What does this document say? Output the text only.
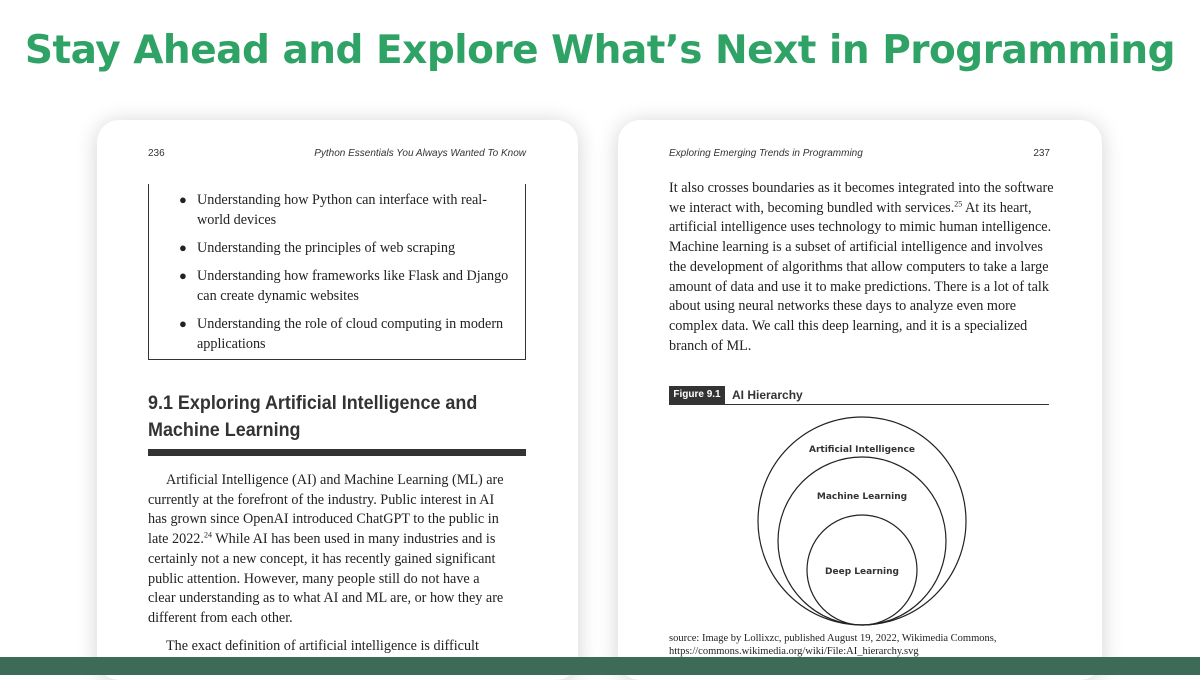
Stay Ahead and Explore What’s Next in Programming
236	Python Essentials You Always Wanted To Know
● Understanding how Python can interface with real-world devices
● Understanding the principles of web scraping
● Understanding how frameworks like Flask and Django can create dynamic websites
● Understanding the role of cloud computing in modern applications
9.1 Exploring Artificial Intelligence and Machine Learning

Artificial Intelligence (AI) and Machine Learning (ML) are currently at the forefront of the industry. Public interest in AI has grown since OpenAI introduced ChatGPT to the public in late 2022.24 While AI has been used in many industries and is certainly not a new concept, it has recently gained significant public attention. However, many people still do not have a clear understanding as to what AI and ML are, or how they are different from each other.

The exact definition of artificial intelligence is difficult

Exploring Emerging Trends in Programming	237

It also crosses boundaries as it becomes integrated into the software we interact with, becoming bundled with services.$^{25}$ At its heart, artificial intelligence uses technology to mimic human intelligence. Machine learning is a subset of artificial intelligence and involves the development of algorithms that allow computers to take a large amount of data and use it to make predictions. There is a lot of talk about using neural networks these days to analyze even more complex data. We call this deep learning, and it is a specialized branch of ML.

Figure 9.1 AI Hierarchy
Artificial Intelligence
Machine Learning
Deep Learning

source: Image by Lollixzc, published August 19, 2022, Wikimedia Commons, https://commons.wikimedia.org/wiki/File:AI_hierarchy.svg
